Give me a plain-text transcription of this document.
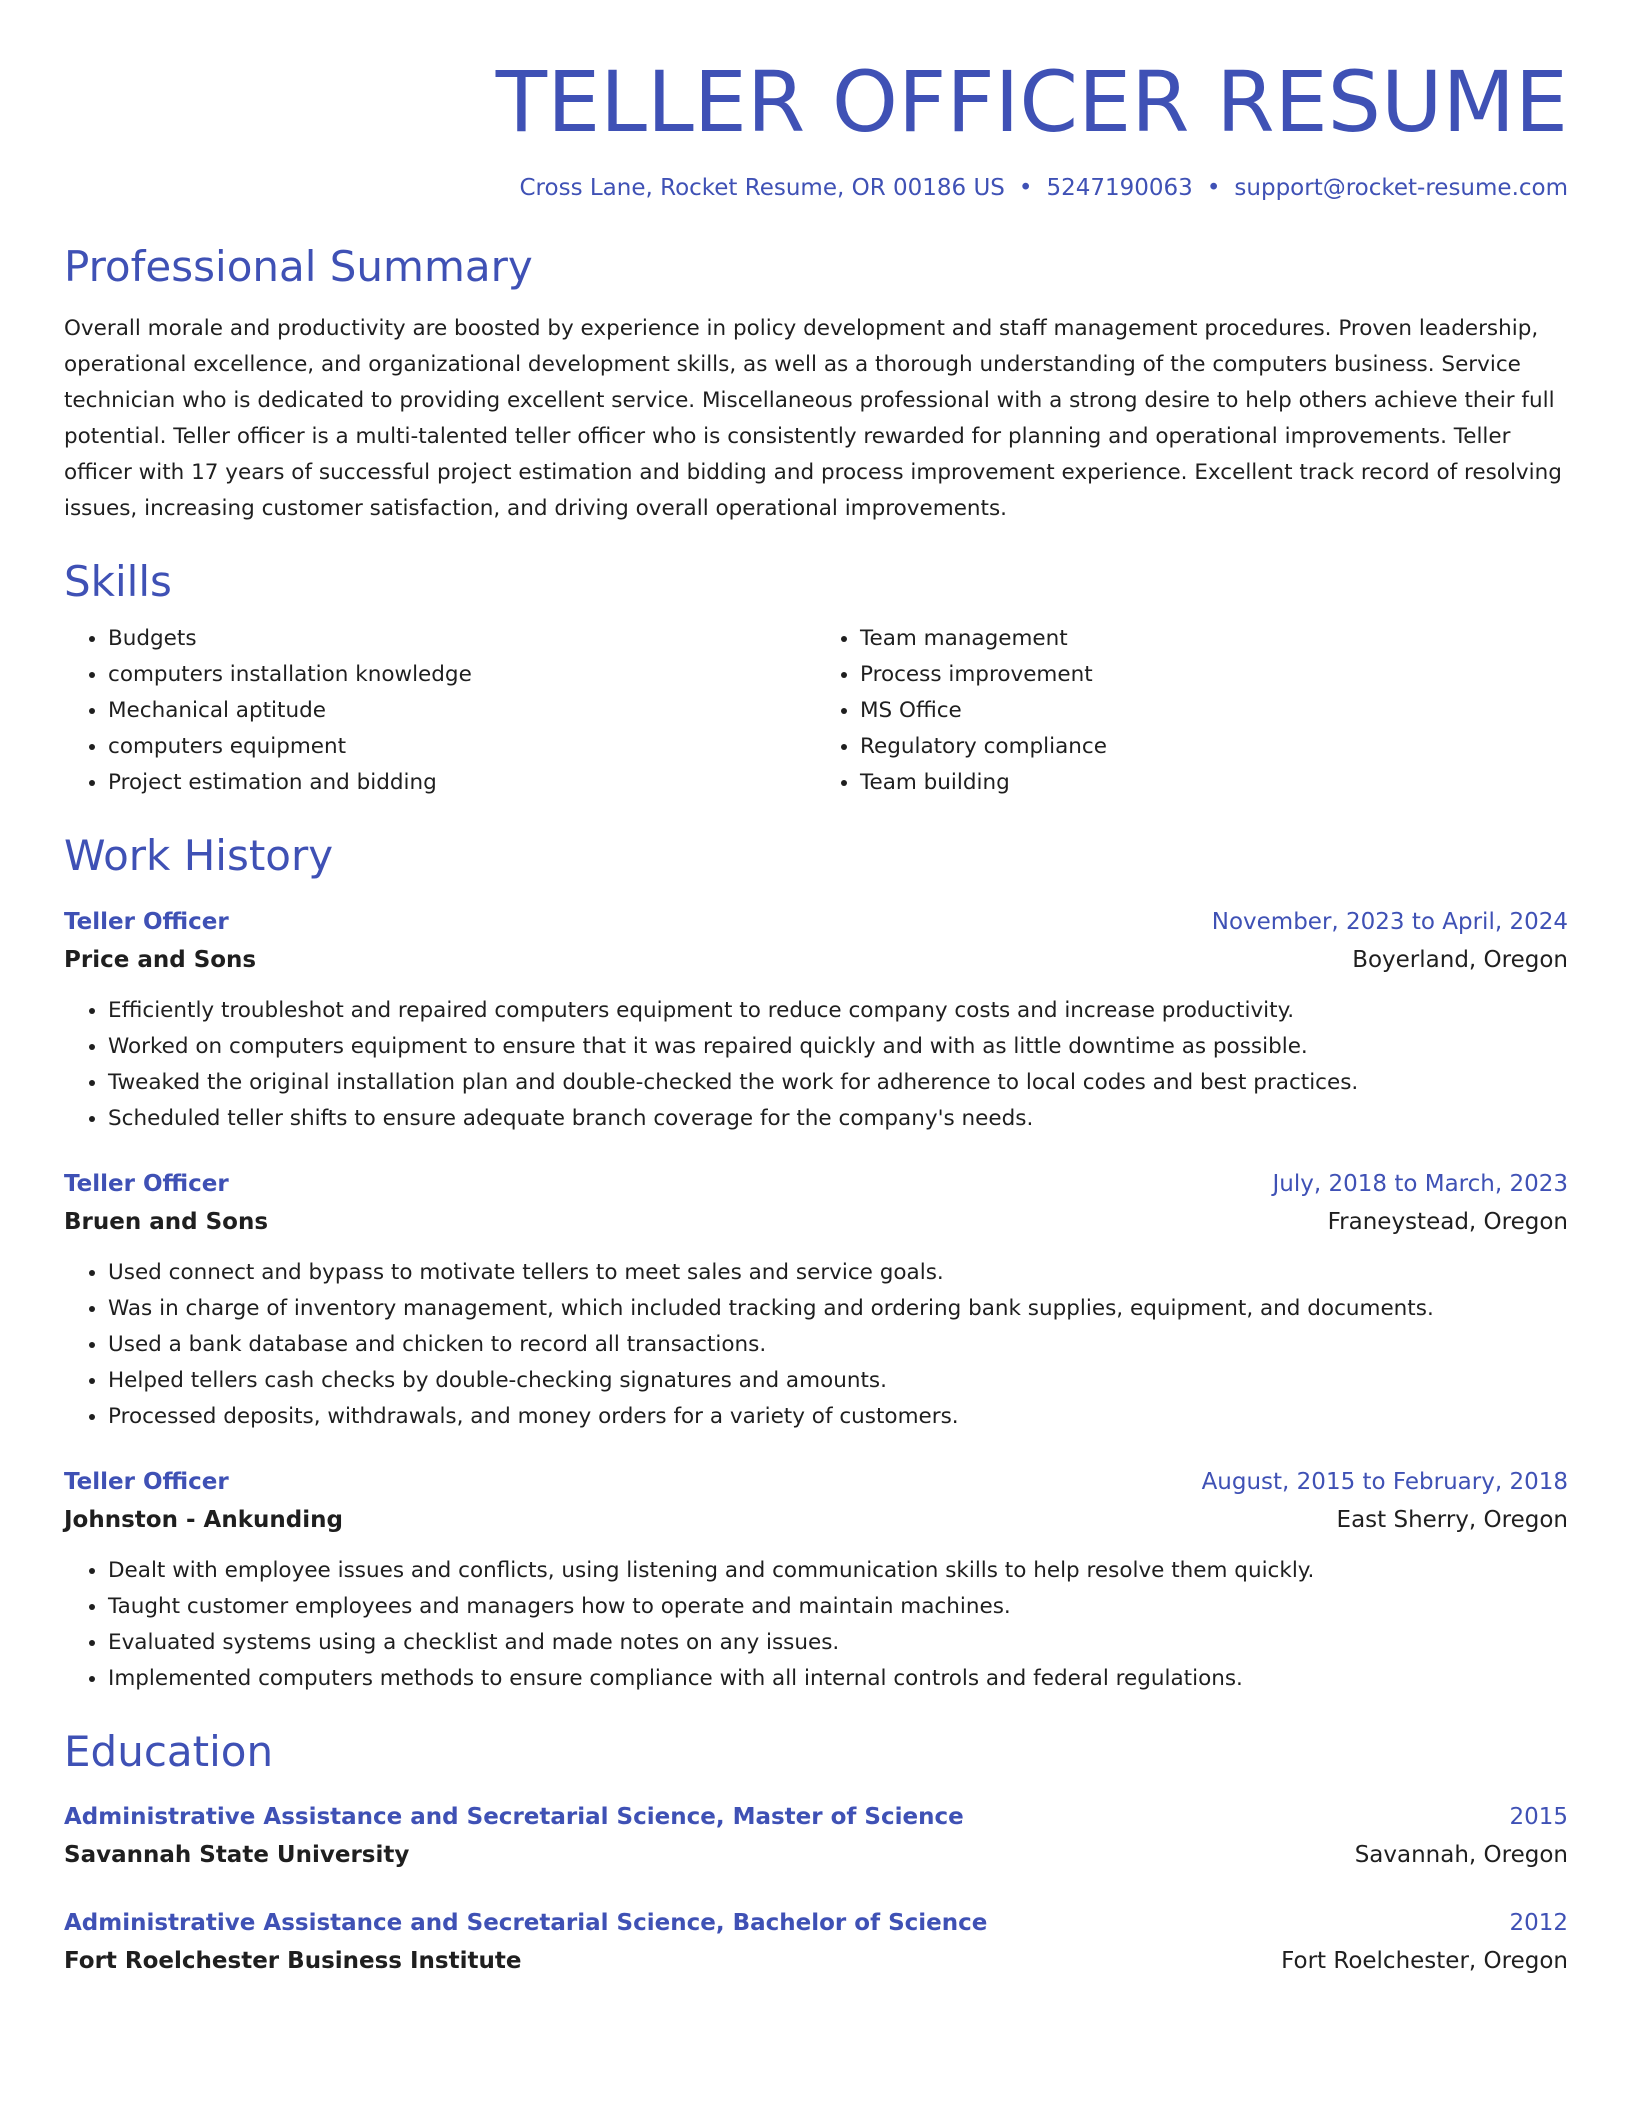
TELLER OFFICER RESUME
Cross Lane, Rocket Resume, OR 00186 US • 5247190063 • support@rocket-resume.com
Professional Summary
Overall morale and productivity are boosted by experience in policy development and staff management procedures. Proven leadership, operational excellence, and organizational development skills, as well as a thorough understanding of the computers business. Service technician who is dedicated to providing excellent service. Miscellaneous professional with a strong desire to help others achieve their full potential. Teller officer is a multi-talented teller officer who is consistently rewarded for planning and operational improvements. Teller officer with 17 years of successful project estimation and bidding and process improvement experience. Excellent track record of resolving issues, increasing customer satisfaction, and driving overall operational improvements.
Skills
• Budgets
• computers installation knowledge
• Mechanical aptitude
• computers equipment
• Project estimation and bidding
• Team management
• Process improvement
• MS Office
• Regulatory compliance
• Team building
Work History
Teller Officer	November, 2023 to April, 2024
Price and Sons	Boyerland, Oregon
• Efficiently troubleshot and repaired computers equipment to reduce company costs and increase productivity.
• Worked on computers equipment to ensure that it was repaired quickly and with as little downtime as possible.
• Tweaked the original installation plan and double-checked the work for adherence to local codes and best practices.
• Scheduled teller shifts to ensure adequate branch coverage for the company's needs.
Teller Officer	July, 2018 to March, 2023
Bruen and Sons	Franeystead, Oregon
• Used connect and bypass to motivate tellers to meet sales and service goals.
• Was in charge of inventory management, which included tracking and ordering bank supplies, equipment, and documents.
• Used a bank database and chicken to record all transactions.
• Helped tellers cash checks by double-checking signatures and amounts.
• Processed deposits, withdrawals, and money orders for a variety of customers.
Teller Officer	August, 2015 to February, 2018
Johnston - Ankunding	East Sherry, Oregon
• Dealt with employee issues and conflicts, using listening and communication skills to help resolve them quickly.
• Taught customer employees and managers how to operate and maintain machines.
• Evaluated systems using a checklist and made notes on any issues.
• Implemented computers methods to ensure compliance with all internal controls and federal regulations.
Education
Administrative Assistance and Secretarial Science, Master of Science	2015
Savannah State University	Savannah, Oregon
Administrative Assistance and Secretarial Science, Bachelor of Science	2012
Fort Roelchester Business Institute	Fort Roelchester, Oregon
